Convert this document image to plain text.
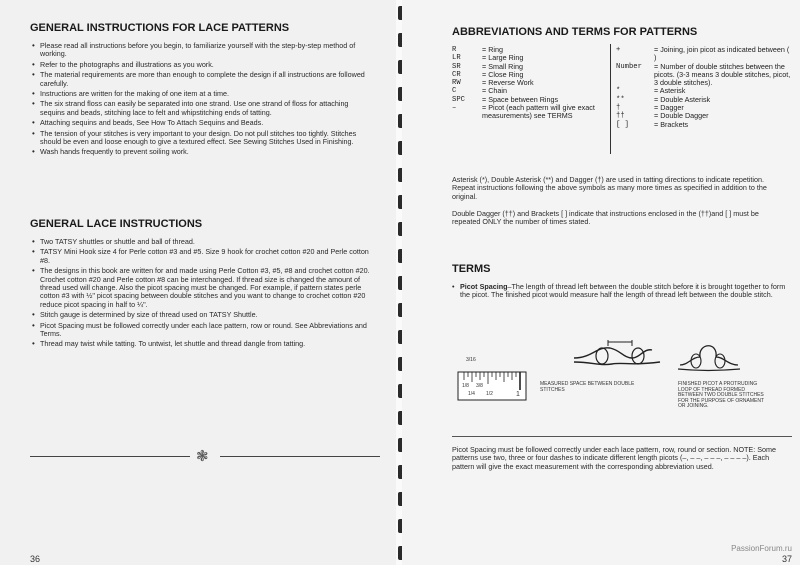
GENERAL INSTRUCTIONS FOR LACE PATTERNS
• Please read all instructions before you begin, to familiarize yourself with the step-by-step method of working.
• Refer to the photographs and illustrations as you work.
• The material requirements are more than enough to complete the design if all instructions are followed carefully.
• Instructions are written for the making of one item at a time.
• The six strand floss can easily be separated into one strand. Use one strand of floss for attaching sequins and beads, stitching lace to felt and whipstitching ends of tatting.
• Attaching sequins and beads, See How To Attach Sequins and Beads.
• The tension of your stitches is very important to your design. Do not pull stitches too tightly. Stitches should be even and loose enough to give a textured effect. See Sewing Stitches Used in Finishing.
• Wash hands frequently to prevent soiling work.
GENERAL LACE INSTRUCTIONS
• Two TATSY shuttles or shuttle and ball of thread.
• TATSY Mini Hook size 4 for Perle cotton #3 and #5. Size 9 hook for crochet cotton #20 and Perle cotton #8.
• The designs in this book are written for and made using Perle Cotton #3, #5, #8 and crochet cotton #20. Crochet cotton #20 and Perle cotton #8 can be interchanged. If thread size is changed the amount of thread used will change. Also the picot spacing must be changed. For example, if pattern states perle cotton #3 with ½" picot spacing between double stitches and you want to change to crochet cotton #20 reduce picot spacing in half to ¼".
• Stitch gauge is determined by size of thread used on TATSY Shuttle.
• Picot Spacing must be followed correctly under each lace pattern, row or round. See Abbreviations and Terms.
• Thread may twist while tatting. To untwist, let shuttle and thread dangle from tatting.
❃
36
ABBREVIATIONS AND TERMS FOR PATTERNS
R	= Ring
LR	= Large Ring
SR	= Small Ring
CR	= Close Ring
RW	= Reverse Work
C	= Chain
SPC	= Space between Rings
–	= Picot (each pattern will give exact measurements) see TERMS
+	= Joining, join picot as indicated between ( )
Number	= Number of double stitches between the picots. (3-3 means 3 double stitches, picot, 3 double stitches).
*	= Asterisk
**	= Double Asterisk
†	= Dagger
††	= Double Dagger
[ ]	= Brackets

Asterisk (*), Double Asterisk (**) and Dagger (†) are used in tatting directions to indicate repetition. Repeat instructions following the above symbols as many more times as specified in addition to the original.

Double Dagger (††) and Brackets [ ] indicate that instructions enclosed in the (††)and [ ] must be repeated ONLY the number of times stated.

TERMS

• Picot Spacing–The length of thread left between the double stitch before it is brought together to form the picot. The finished picot would measure half the length of thread left between the double stitch.

3/16
1/8 3/8
1/4 1/2	1
MEASURED SPACE BETWEEN DOUBLE STITCHES
FINISHED PICOT A PROTRUDING LOOP OF THREAD FORMED BETWEEN TWO DOUBLE STITCHES FOR THE PURPOSE OF ORNAMENT OR JOINING.

Picot Spacing must be followed correctly under each lace pattern, row, round or section. NOTE: Some patterns use two, three or four dashes to indicate different length picots (–, – –, – – –, – – – –). Each pattern will give the exact measurement with the corresponding abbreviation used.

37
PassionForum.ru
